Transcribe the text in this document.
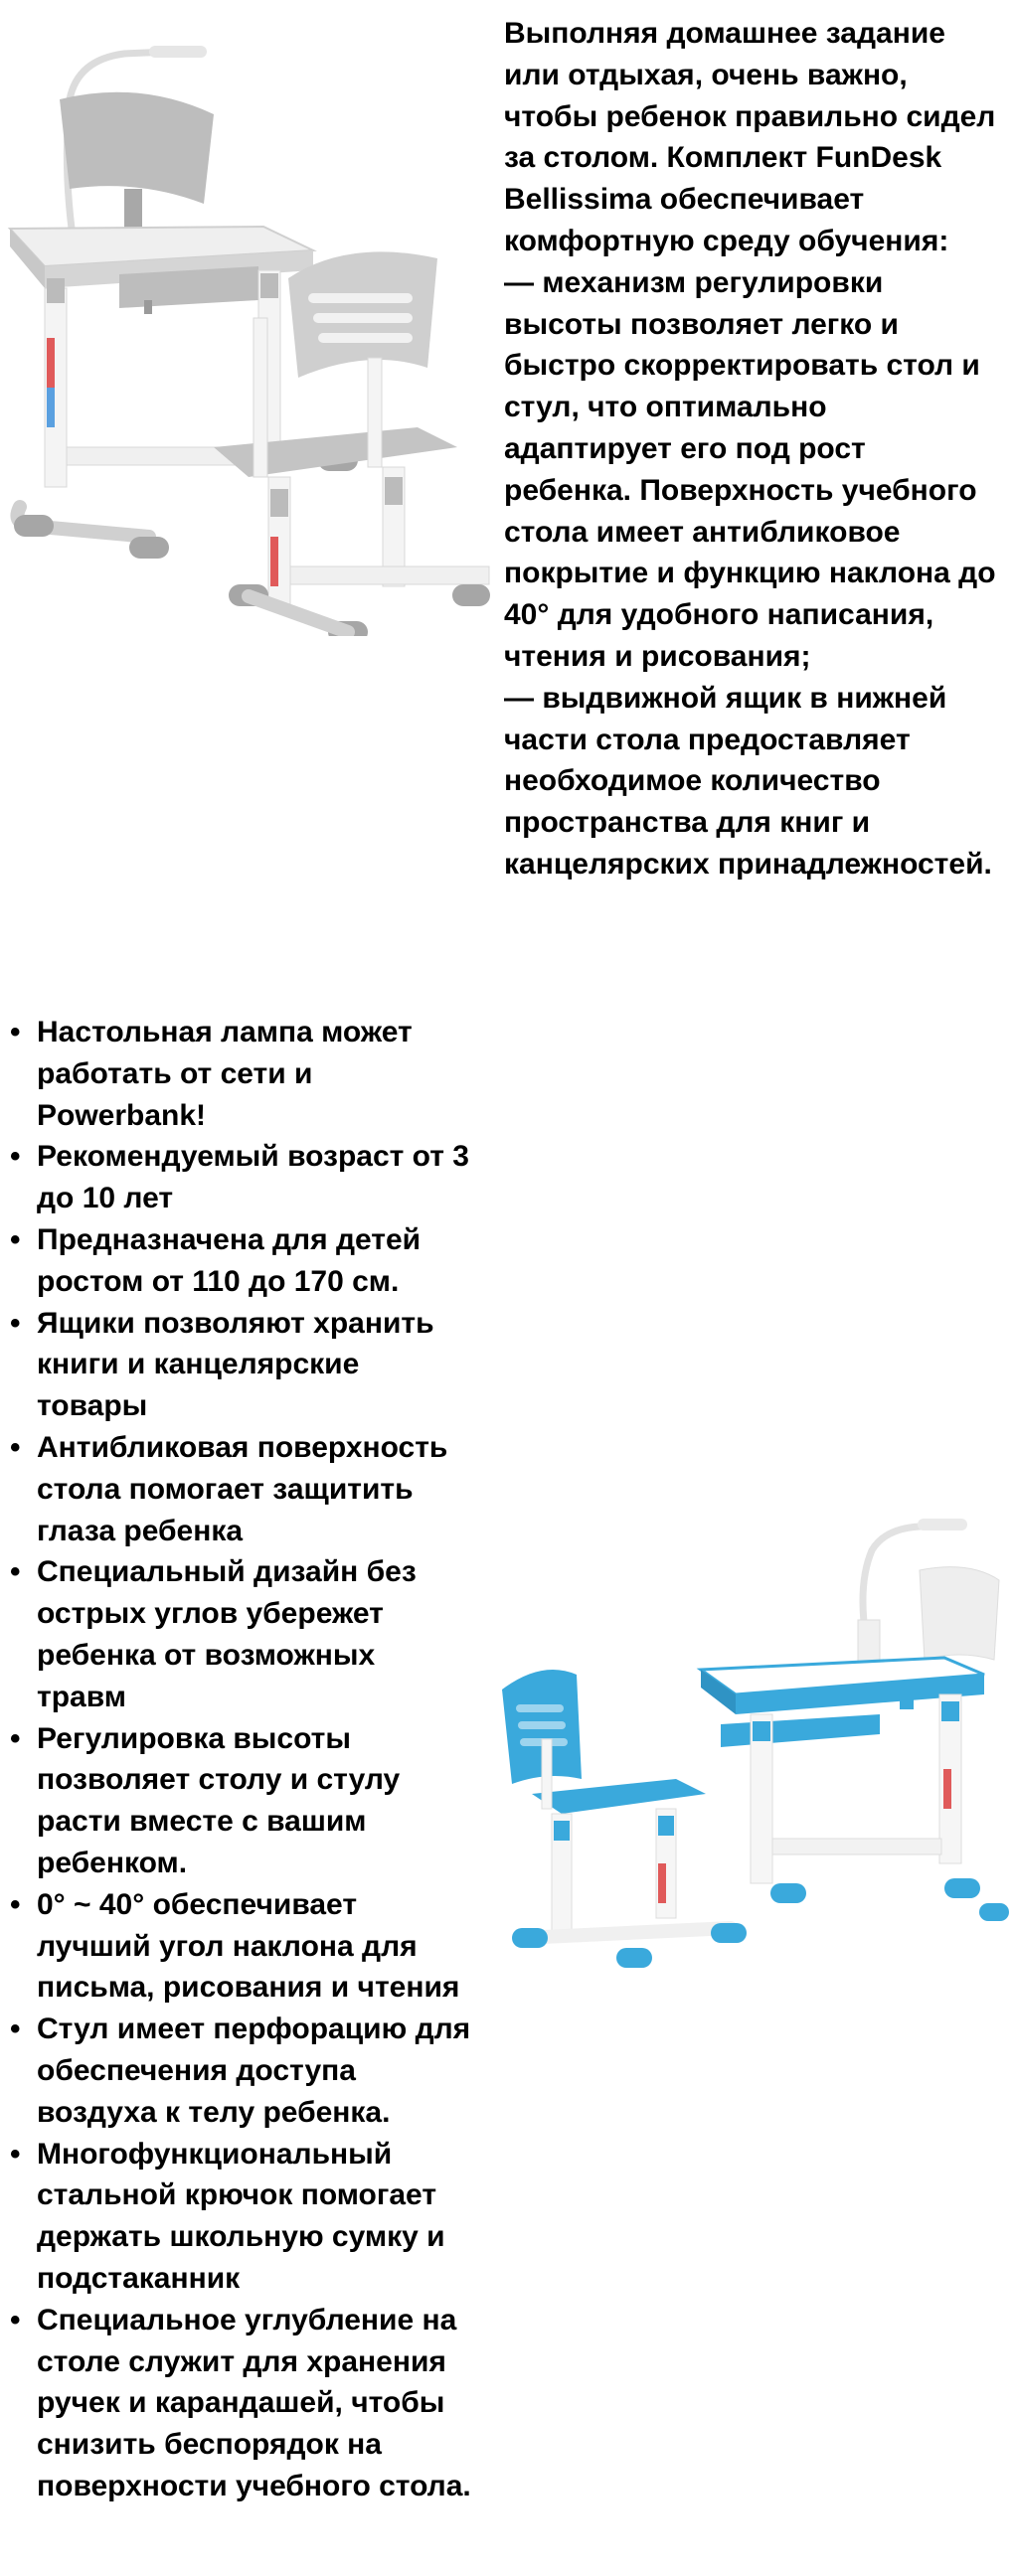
Выполняя домашнее задание или отдыхая, очень важно, чтобы ребенок правильно сидел за столом. Комплект FunDesk Bellissima обеспечивает комфортную среду обучения:
— механизм регулировки высоты позволяет легко и быстро скорректировать стол и стул, что оптимально адаптирует его под рост ребенка. Поверхность учебного стола имеет антибликовое покрытие и функцию наклона до 40° для удобного написания, чтения и рисования;
— выдвижной ящик в нижней части стола предоставляет необходимое количество пространства для книг и канцелярских принадлежностей.
• Настольная лампа может работать от сети и Powerbank!
• Рекомендуемый возраст от 3 до 10 лет
• Предназначена для детей ростом от 110 до 170 см.
• Ящики позволяют хранить книги и канцелярские товары
• Антибликовая поверхность стола помогает защитить глаза ребенка
• Специальный дизайн без острых углов убережет ребенка от возможных травм
• Регулировка высоты позволяет столу и стулу расти вместе с вашим ребенком.
• 0° ~ 40° обеспечивает лучший угол наклона для письма, рисования и чтения
• Стул имеет перфорацию для обеспечения доступа воздуха к телу ребенка.
• Многофункциональный стальной крючок помогает держать школьную сумку и подстаканник
• Специальное углубление на столе служит для хранения ручек и карандашей, чтобы снизить беспорядок на поверхности учебного стола.
